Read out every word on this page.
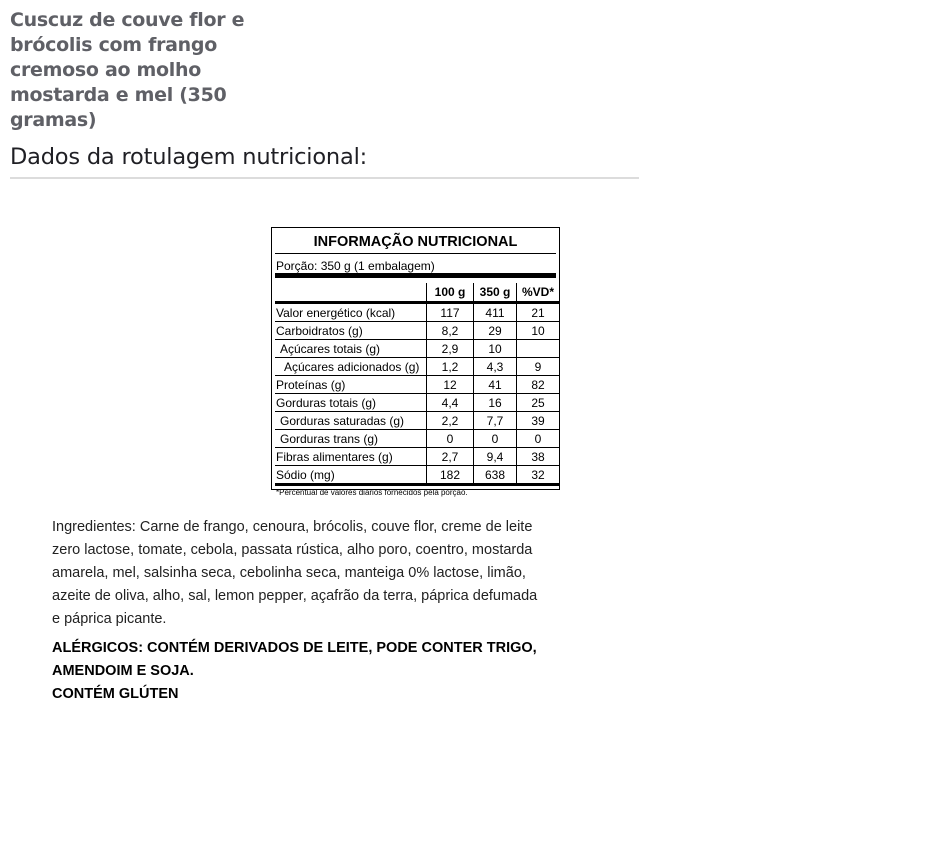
Cuscuz de couve flor e brócolis com frango cremoso ao molho mostarda e mel (350 gramas)
Dados da rotulagem nutricional:
INFORMAÇÃO NUTRICIONAL
Porção: 350 g (1 embalagem)
	100 g	350 g	%VD*
Valor energético (kcal)	117	411	21
Carboidratos (g)	8,2	29	10
Açúcares totais (g)	2,9	10	
Açúcares adicionados (g)	1,2	4,3	9
Proteínas (g)	12	41	82
Gorduras totais (g)	4,4	16	25
Gorduras saturadas (g)	2,2	7,7	39
Gorduras trans (g)	0	0	0
Fibras alimentares (g)	2,7	9,4	38
Sódio (mg)	182	638	32
*Percentual de valores diários fornecidos pela porção.

Ingredientes: Carne de frango, cenoura, brócolis, couve flor, creme de leite zero lactose, tomate, cebola, passata rústica, alho poro, coentro, mostarda amarela, mel, salsinha seca, cebolinha seca, manteiga 0% lactose, limão, azeite de oliva, alho, sal, lemon pepper, açafrão da terra, páprica defumada e páprica picante.

ALÉRGICOS: CONTÉM DERIVADOS DE LEITE, PODE CONTER TRIGO, AMENDOIM E SOJA.

CONTÉM GLÚTEN
